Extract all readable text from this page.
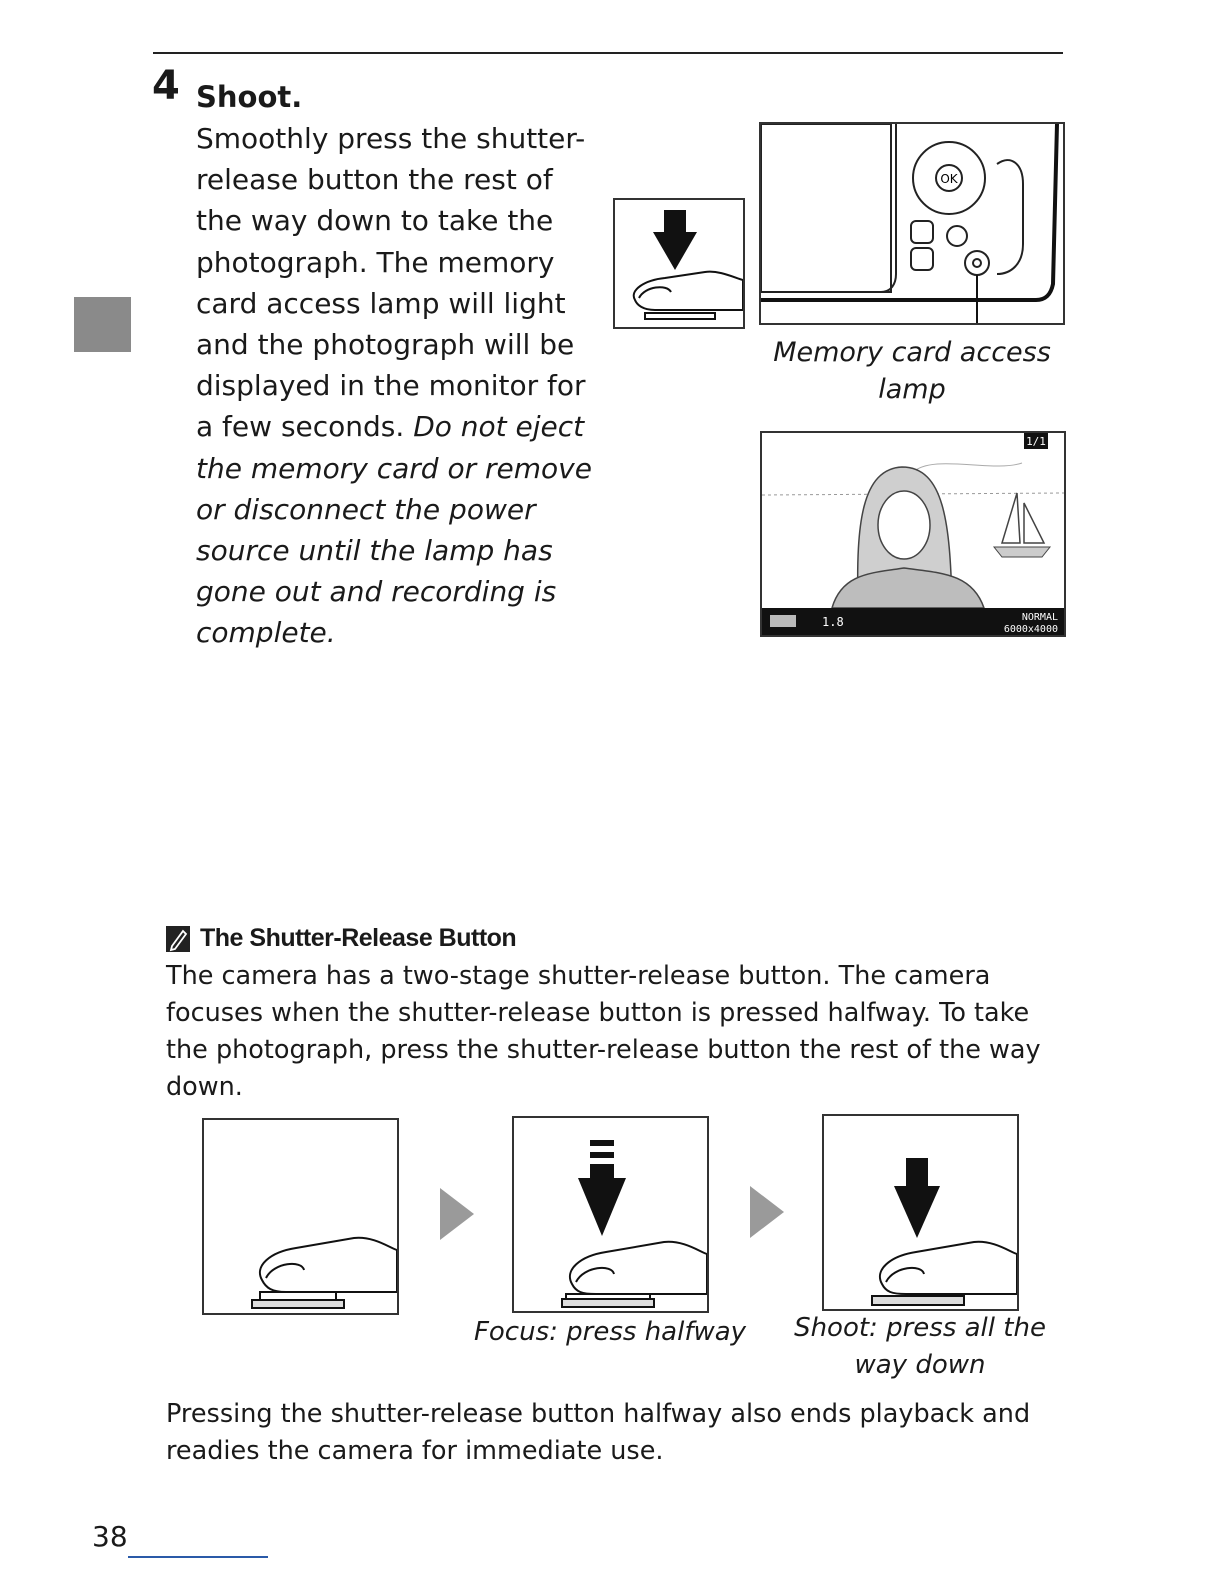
4 Shoot.
Smoothly press the shutter-release button the rest of the way down to take the photograph. The memory card access lamp will light and the photograph will be displayed in the monitor for a few seconds. Do not eject the memory card or remove or disconnect the power source until the lamp has gone out and recording is complete.
OK
Memory card access
lamp
1/1
1.8	NORMAL
6000x4000
The Shutter-Release Button
The camera has a two-stage shutter-release button. The camera focuses when the shutter-release button is pressed halfway. To take the photograph, press the shutter-release button the rest of the way down.
Focus: press halfway Shoot: press all the
way down
Pressing the shutter-release button halfway also ends playback and readies the camera for immediate use.
38
